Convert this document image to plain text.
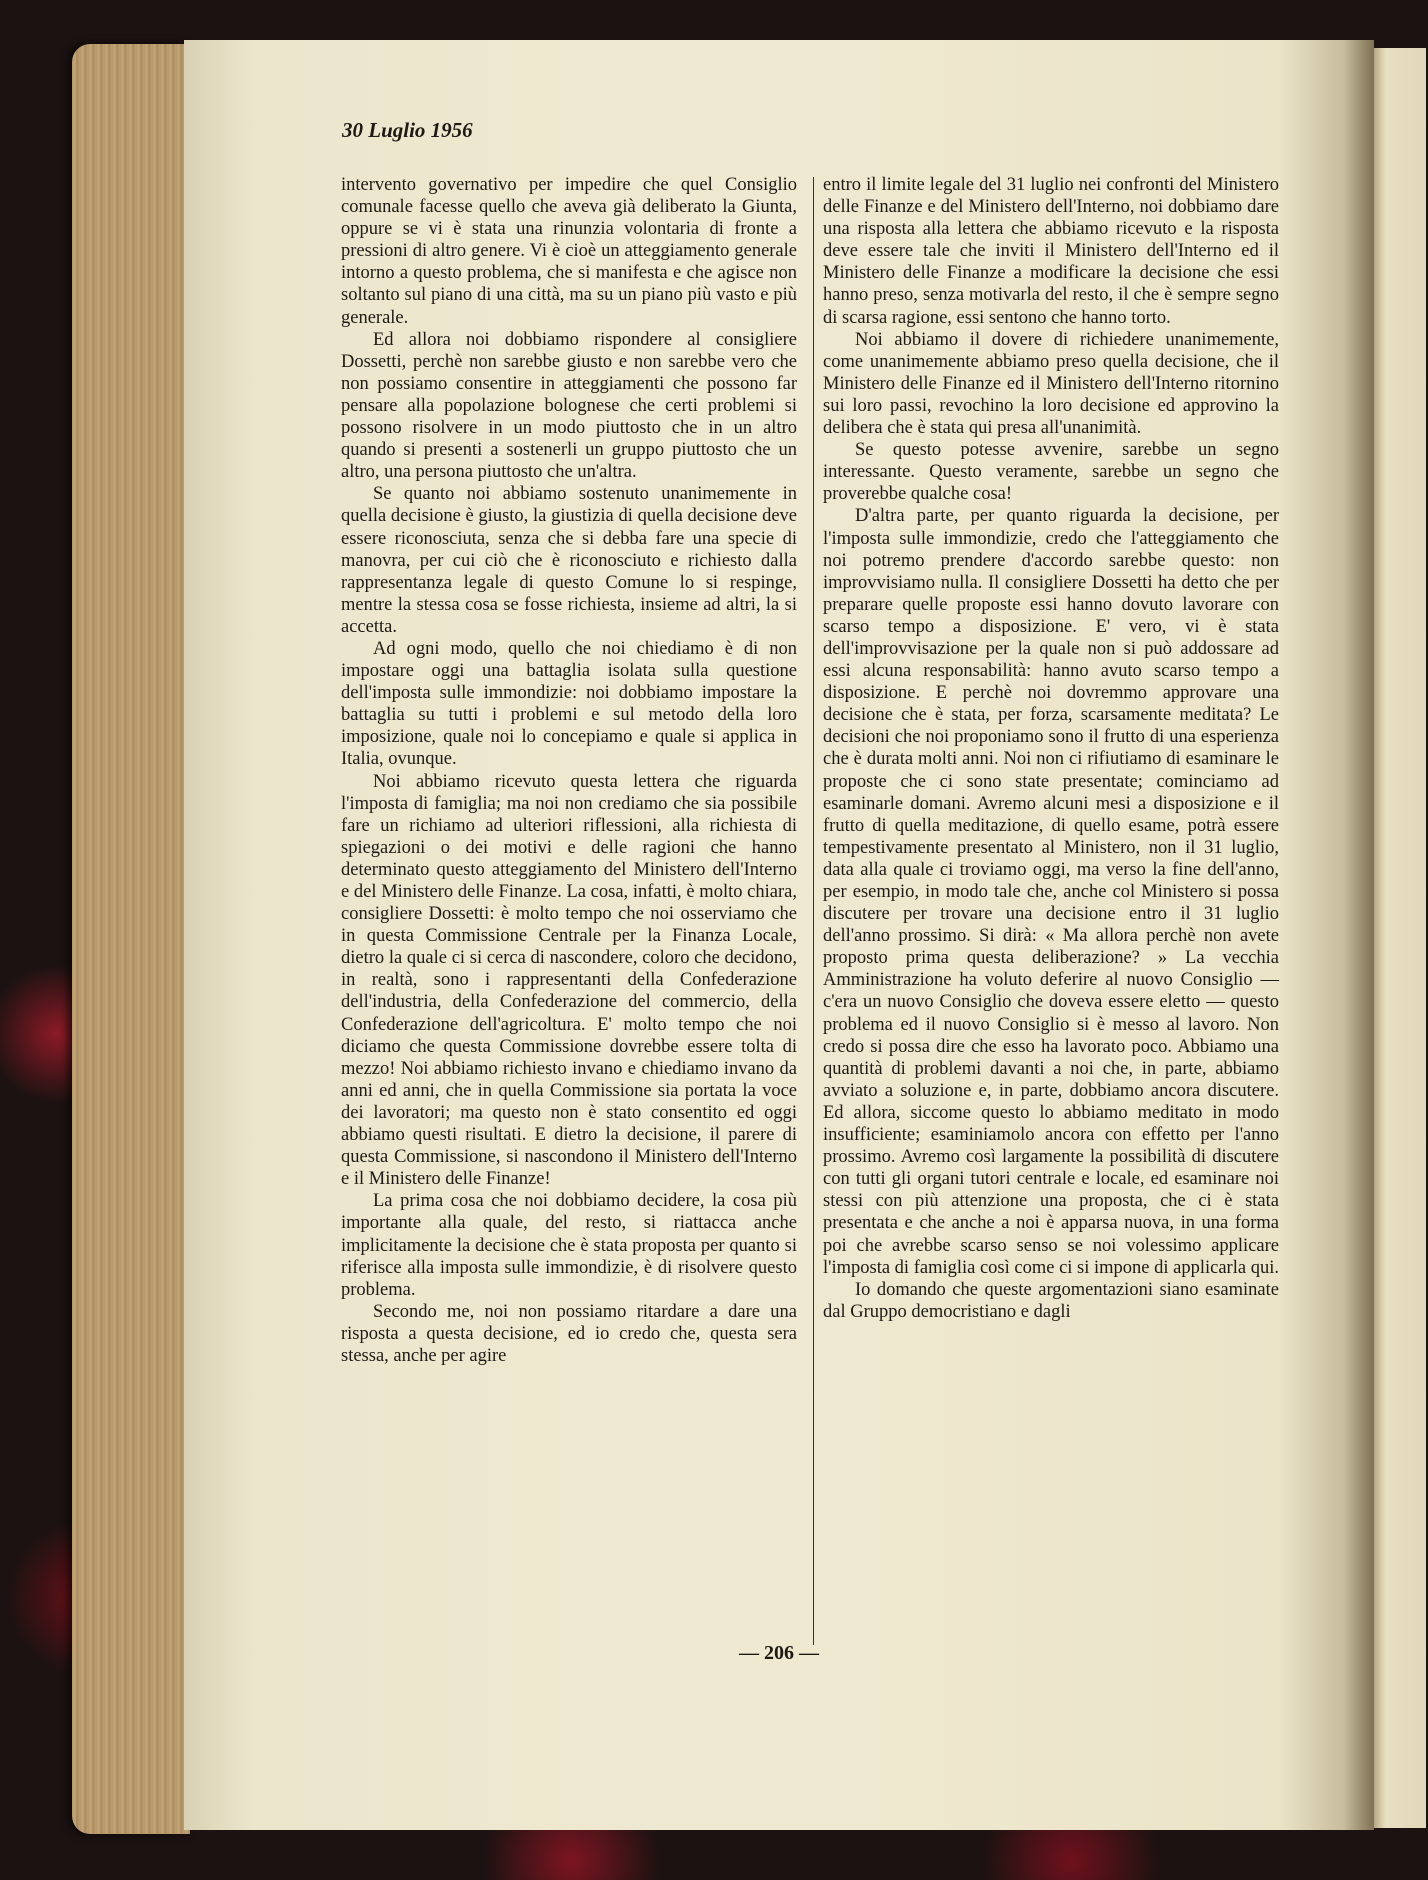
30 Luglio 1956

intervento governativo per impedire che quel Consiglio comunale facesse quello che aveva già deliberato la Giunta, oppure se vi è stata una rinunzia volontaria di fronte a pressioni di altro genere. Vi è cioè un atteggiamento generale intorno a questo problema, che si manifesta e che agisce non soltanto sul piano di una città, ma su un piano più vasto e più generale.

Ed allora noi dobbiamo rispondere al consigliere Dossetti, perchè non sarebbe giusto e non sarebbe vero che non possiamo consentire in atteggiamenti che possono far pensare alla popolazione bolognese che certi problemi si possono risolvere in un modo piuttosto che in un altro quando si presenti a sostenerli un gruppo piuttosto che un altro, una persona piuttosto che un'altra.

Se quanto noi abbiamo sostenuto unanimemente in quella decisione è giusto, la giustizia di quella decisione deve essere riconosciuta, senza che si debba fare una specie di manovra, per cui ciò che è riconosciuto e richiesto dalla rappresentanza legale di questo Comune lo si respinge, mentre la stessa cosa se fosse richiesta, insieme ad altri, la si accetta.

Ad ogni modo, quello che noi chiediamo è di non impostare oggi una battaglia isolata sulla questione dell'imposta sulle immondizie: noi dobbiamo impostare la battaglia su tutti i problemi e sul metodo della loro imposizione, quale noi lo concepiamo e quale si applica in Italia, ovunque.

Noi abbiamo ricevuto questa lettera che riguarda l'imposta di famiglia; ma noi non crediamo che sia possibile fare un richiamo ad ulteriori riflessioni, alla richiesta di spiegazioni o dei motivi e delle ragioni che hanno determinato questo atteggiamento del Ministero dell'Interno e del Ministero delle Finanze. La cosa, infatti, è molto chiara, consigliere Dossetti: è molto tempo che noi osserviamo che in questa Commissione Centrale per la Finanza Locale, dietro la quale ci si cerca di nascondere, coloro che decidono, in realtà, sono i rappresentanti della Confederazione dell'industria, della Confederazione del commercio, della Confederazione dell'agricoltura. E' molto tempo che noi diciamo che questa Commissione dovrebbe essere tolta di mezzo! Noi abbiamo richiesto invano e chiediamo invano da anni ed anni, che in quella Commissione sia portata la voce dei lavoratori; ma questo non è stato consentito ed oggi abbiamo questi risultati. E dietro la decisione, il parere di questa Commissione, si nascondono il Ministero dell'Interno e il Ministero delle Finanze!

La prima cosa che noi dobbiamo decidere, la cosa più importante alla quale, del resto, si riattacca anche implicitamente la decisione che è stata proposta per quanto si riferisce alla imposta sulle immondizie, è di risolvere questo problema.

Secondo me, noi non possiamo ritardare a dare una risposta a questa decisione, ed io credo che, questa sera stessa, anche per agire

entro il limite legale del 31 luglio nei confronti del Ministero delle Finanze e del Ministero dell'Interno, noi dobbiamo dare una risposta alla lettera che abbiamo ricevuto e la risposta deve essere tale che inviti il Ministero dell'Interno ed il Ministero delle Finanze a modificare la decisione che essi hanno preso, senza motivarla del resto, il che è sempre segno di scarsa ragione, essi sentono che hanno torto.

Noi abbiamo il dovere di richiedere unanimemente, come unanimemente abbiamo preso quella decisione, che il Ministero delle Finanze ed il Ministero dell'Interno ritornino sui loro passi, revochino la loro decisione ed approvino la delibera che è stata qui presa all'unanimità.

Se questo potesse avvenire, sarebbe un segno interessante. Questo veramente, sarebbe un segno che proverebbe qualche cosa!

D'altra parte, per quanto riguarda la decisione, per l'imposta sulle immondizie, credo che l'atteggiamento che noi potremo prendere d'accordo sarebbe questo: non improvvisiamo nulla. Il consigliere Dossetti ha detto che per preparare quelle proposte essi hanno dovuto lavorare con scarso tempo a disposizione. E' vero, vi è stata dell'improvvisazione per la quale non si può addossare ad essi alcuna responsabilità: hanno avuto scarso tempo a disposizione. E perchè noi dovremmo approvare una decisione che è stata, per forza, scarsamente meditata? Le decisioni che noi proponiamo sono il frutto di una esperienza che è durata molti anni. Noi non ci rifiutiamo di esaminare le proposte che ci sono state presentate; cominciamo ad esaminarle domani. Avremo alcuni mesi a disposizione e il frutto di quella meditazione, di quello esame, potrà essere tempestivamente presentato al Ministero, non il 31 luglio, data alla quale ci troviamo oggi, ma verso la fine dell'anno, per esempio, in modo tale che, anche col Ministero si possa discutere per trovare una decisione entro il 31 luglio dell'anno prossimo. Si dirà: « Ma allora perchè non avete proposto prima questa deliberazione? » La vecchia Amministrazione ha voluto deferire al nuovo Consiglio — c'era un nuovo Consiglio che doveva essere eletto — questo problema ed il nuovo Consiglio si è messo al lavoro. Non credo si possa dire che esso ha lavorato poco. Abbiamo una quantità di problemi davanti a noi che, in parte, abbiamo avviato a soluzione e, in parte, dobbiamo ancora discutere. Ed allora, siccome questo lo abbiamo meditato in modo insufficiente; esaminiamolo ancora con effetto per l'anno prossimo. Avremo così largamente la possibilità di discutere con tutti gli organi tutori centrale e locale, ed esaminare noi stessi con più attenzione una proposta, che ci è stata presentata e che anche a noi è apparsa nuova, in una forma poi che avrebbe scarso senso se noi volessimo applicare l'imposta di famiglia così come ci si impone di applicarla qui.

Io domando che queste argomentazioni siano esaminate dal Gruppo democristiano e dagli

— 206 —
